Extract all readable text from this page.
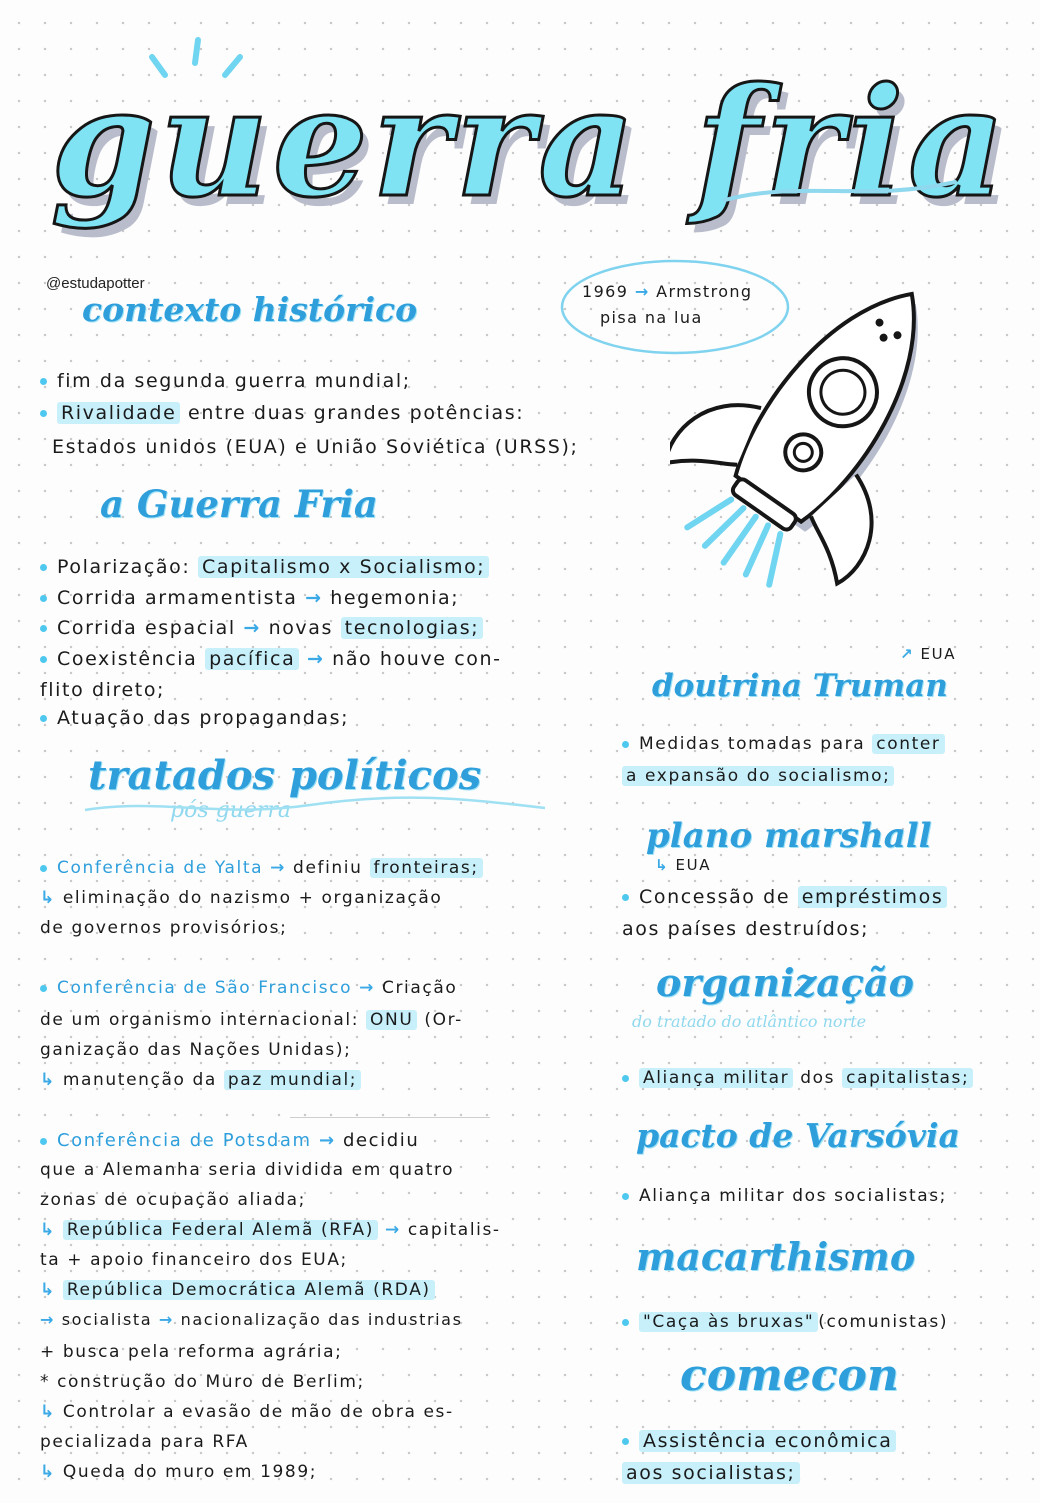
guerra fria
@estudapotter	1969 → Armstrong
pisa na lua
contexto histórico
fim da segunda guerra mundial;
Rivalidade entre duas grandes potências:
Estados unidos (EUA) e União Soviética (URSS);
a Guerra Fria
Polarização: Capitalismo x Socialismo;
Corrida armamentista → hegemonia;
Corrida espacial → novas tecnologias;
Coexistência pacífica → não houve con-
flito direto;
Atuação das propagandas;
tratados políticos
pós guerra
Conferência de Yalta → definiu fronteiras;
↳ eliminação do nazismo + organização
de governos provisórios;
Conferência de São Francisco → Criação
de um organismo internacional: ONU (Or-
ganização das Nações Unidas);
↳ manutenção da paz mundial;
Conferência de Potsdam → decidiu
que a Alemanha seria dividida em quatro
zonas de ocupação aliada;
↳ República Federal Alemã (RFA) → capitalis-
ta + apoio financeiro dos EUA;
↳ República Democrática Alemã (RDA)
→ socialista → nacionalização das industrias
+ busca pela reforma agrária;
* construção do Muro de Berlim;
↳ Controlar a evasão de mão de obra es-
pecializada para RFA
↳ Queda do muro em 1989;
↗ EUA
doutrina Truman
Medidas tomadas para conter
a expansão do socialismo;
plano marshall
↳ EUA
Concessão de empréstimos
aos países destruídos;
organização
do tratado do atlântico norte
Aliança militar dos capitalistas;
pacto de Varsóvia
Aliança militar dos socialistas;
macarthismo
"Caça às bruxas" (comunistas)
comecon
Assistência econômica
aos socialistas;
